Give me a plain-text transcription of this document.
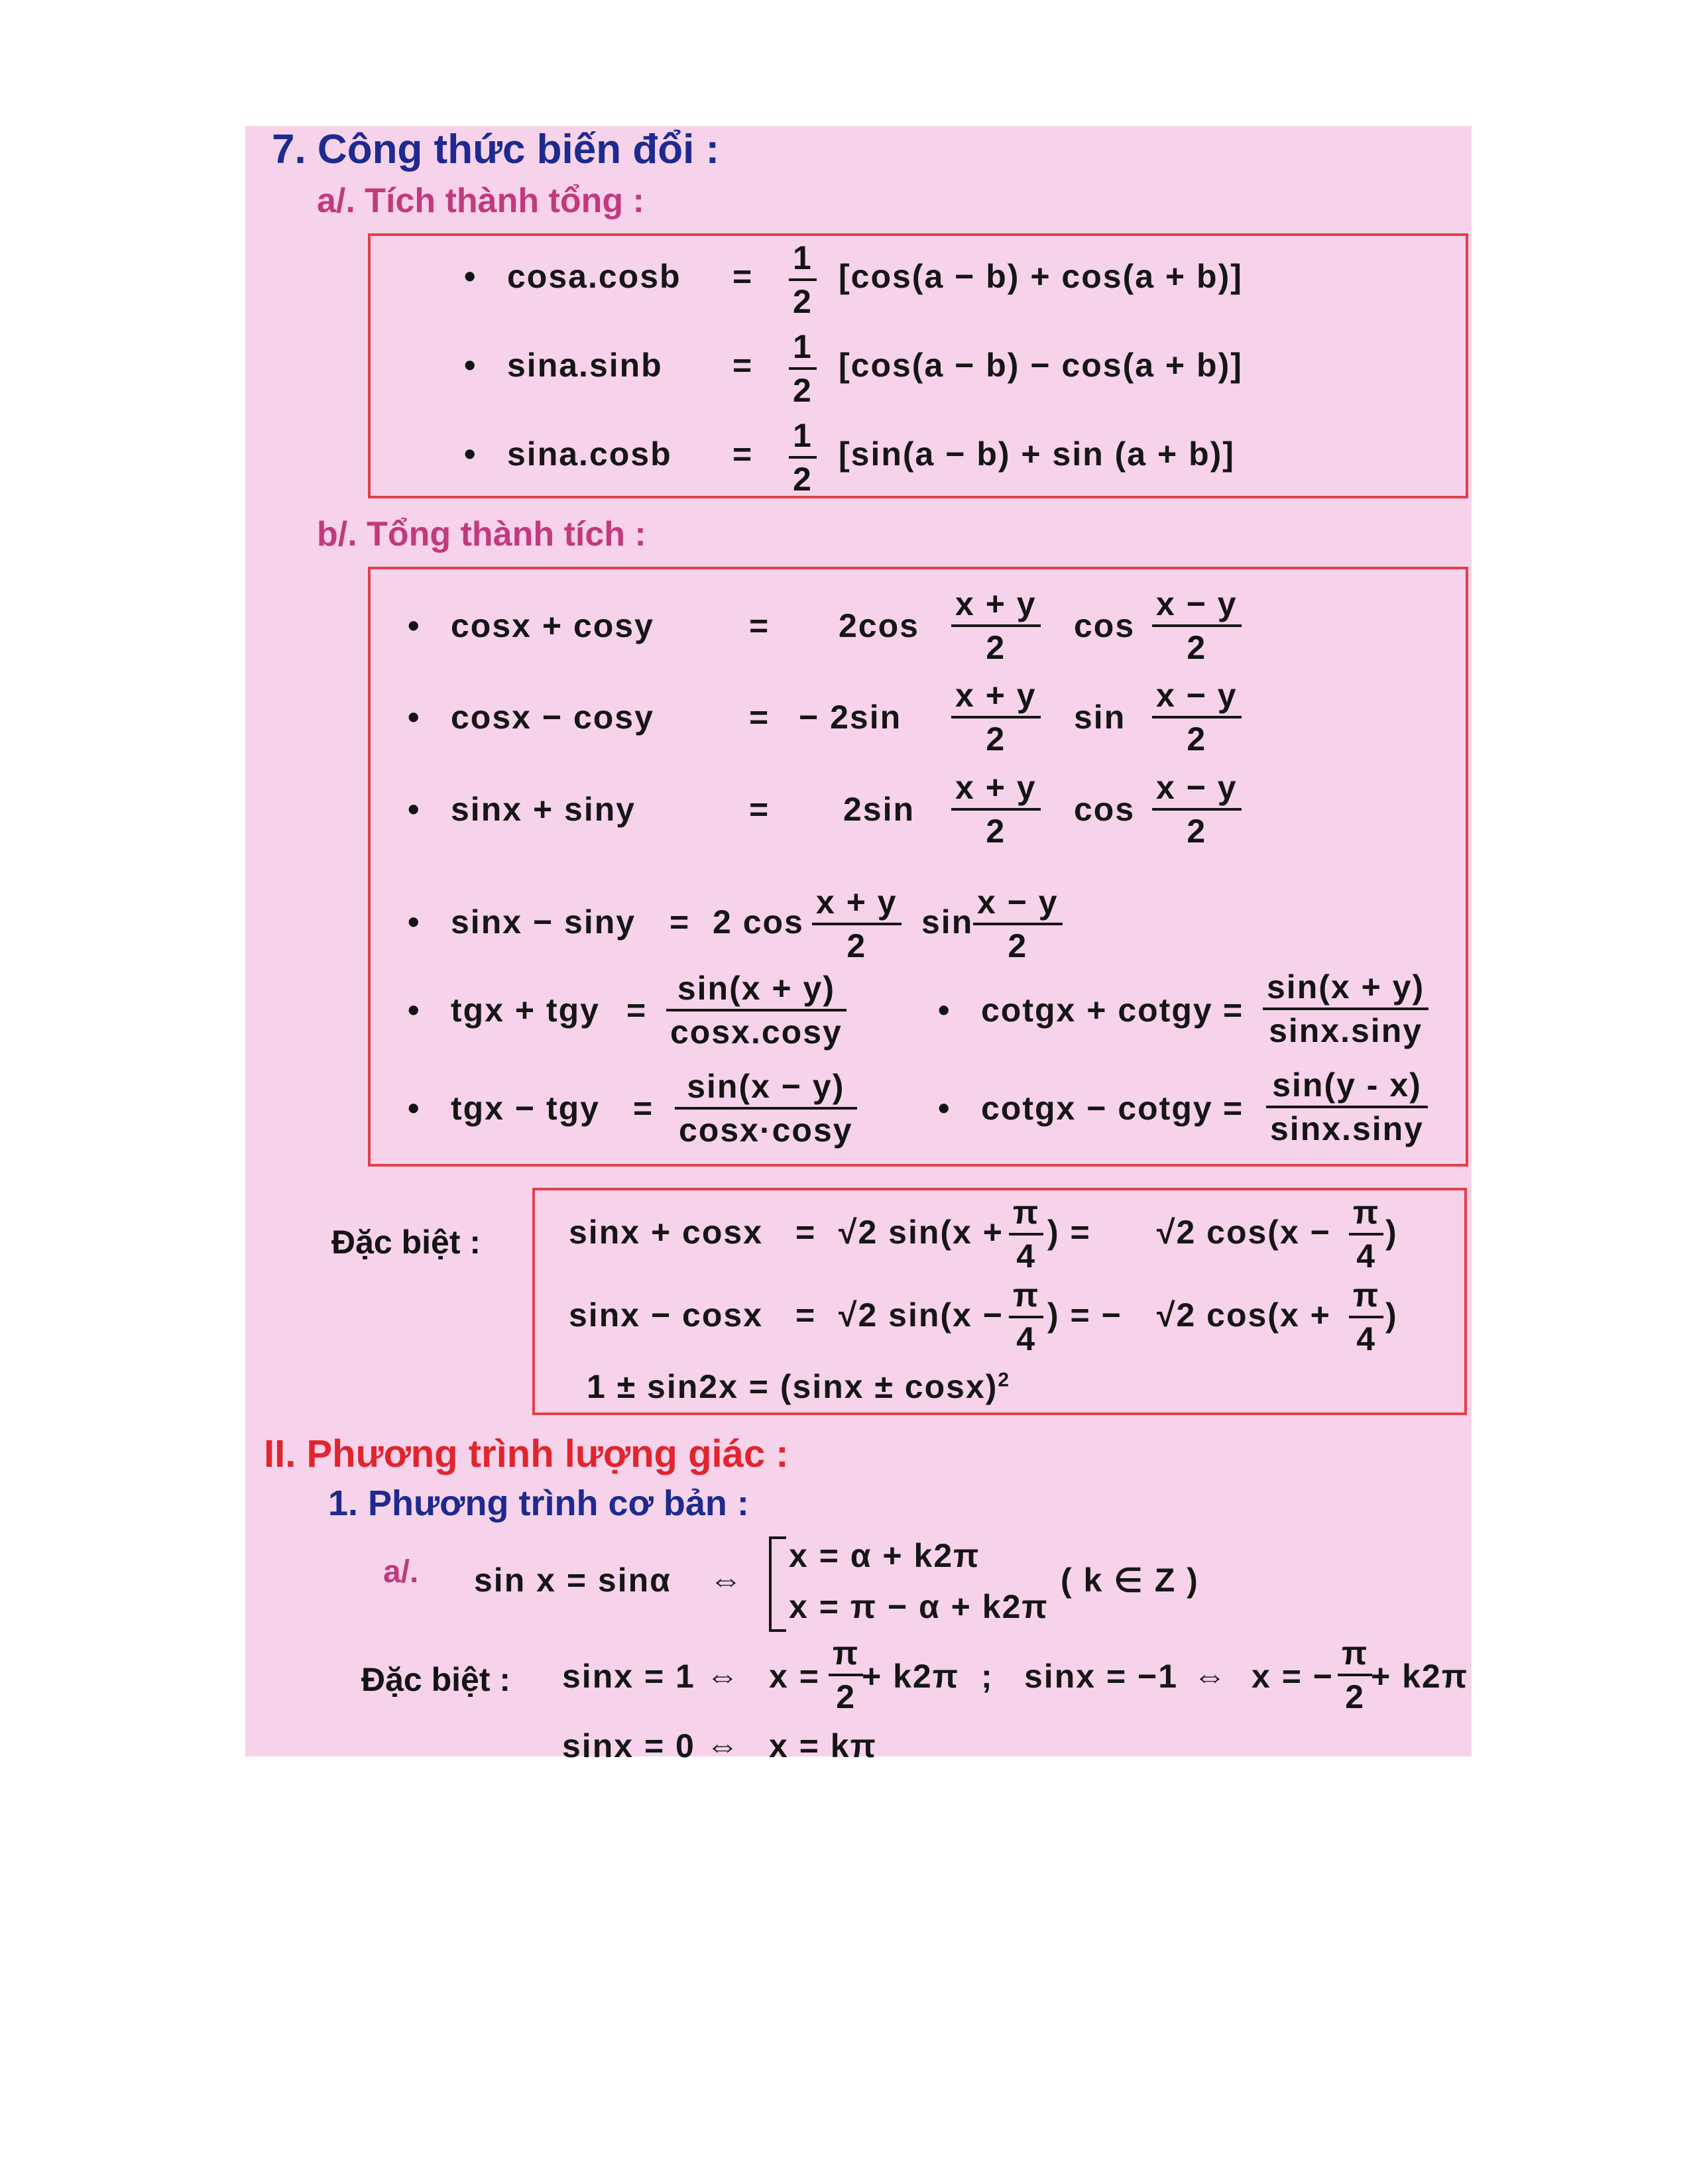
7. Công thức biến đổi :
a/. Tích thành tổng :
• cosa.cosb = 1
2
[cos(a − b) + cos(a + b)]
• sina.sinb = 1
2
[cos(a − b) − cos(a + b)]
• sina.cosb = 1
2
[sin(a − b) + sin (a + b)]
b/. Tổng thành tích :
• cosx + cosy	= 2cos
x + y
2
cos
x − y
2
• cosx − cosy	= − 2sin
x + y
2
sin
x − y
2
• sinx + siny	= 2sin
x + y
2
cos
x − y
2
• sinx − siny = 2 cos
x + y
2
sin
x − y
2
• tgx + tgy =
sin(x + y)
cosx.cosy
• cotgx + cotgy =
sin(x + y)
sinx.siny
• tgx − tgy =
sin(x − y)
cosx·cosy
• cotgx − cotgy =
sin(y - x)
sinx.siny
Đặc biệt :	sinx + cosx = √2 sin(x +
π
4
) = √2 cos(x −
π
4
)
sinx − cosx = √2 sin(x −
π
4
) = − √2 cos(x +
π
4
)
$1 \pm \sin 2x = (\sin x \pm \cos x)^2$
II. Phương trình lượng giác :
1. Phương trình cơ bản :
a/. sin x = sinα ⇔
x = α + k2π
x = π − α + k2π
( k ∈ Z )
Đặc biệt : sinx = 1 ⇔ x =
π
2
+ k2π ; sinx = −1 ⇔ x = −
π
2
+ k2π
sinx = 0 ⇔ x = kπ
